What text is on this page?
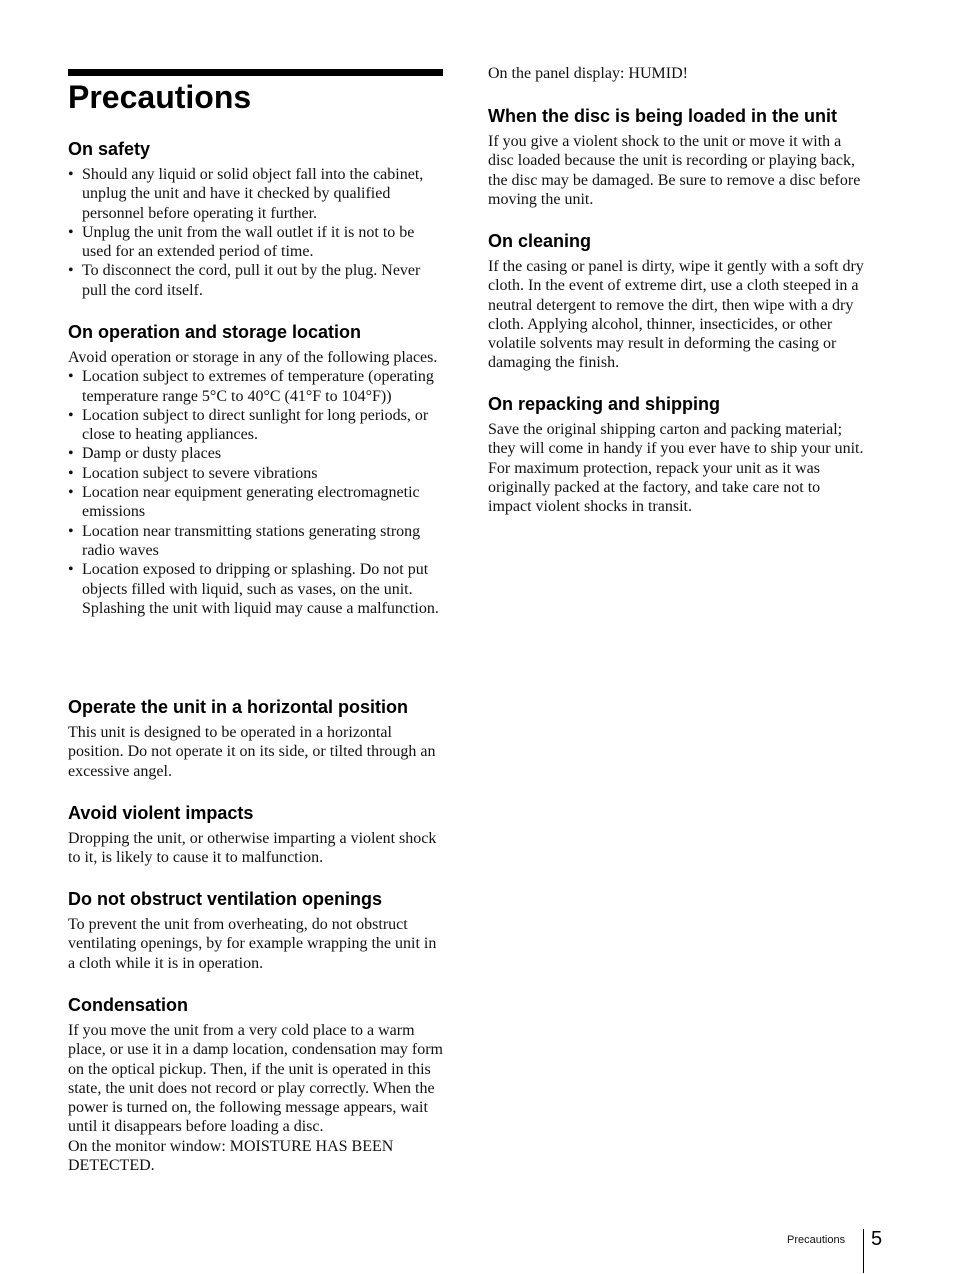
Precautions
On safety
• Should any liquid or solid object fall into the cabinet, unplug the unit and have it checked by qualified personnel before operating it further.
• Unplug the unit from the wall outlet if it is not to be used for an extended period of time.
• To disconnect the cord, pull it out by the plug. Never pull the cord itself.
On operation and storage location

Avoid operation or storage in any of the following places.

• Location subject to extremes of temperature (operating temperature range 5°C to 40°C (41°F to 104°F))
• Location subject to direct sunlight for long periods, or close to heating appliances.
• Damp or dusty places
• Location subject to severe vibrations
• Location near equipment generating electromagnetic emissions
• Location near transmitting stations generating strong radio waves
• Location exposed to dripping or splashing. Do not put objects filled with liquid, such as vases, on the unit. Splashing the unit with liquid may cause a malfunction.
Operate the unit in a horizontal position

This unit is designed to be operated in a horizontal position. Do not operate it on its side, or tilted through an excessive angel.

Avoid violent impacts

Dropping the unit, or otherwise imparting a violent shock to it, is likely to cause it to malfunction.

Do not obstruct ventilation openings

To prevent the unit from overheating, do not obstruct ventilating openings, by for example wrapping the unit in a cloth while it is in operation.

Condensation

If you move the unit from a very cold place to a warm place, or use it in a damp location, condensation may form on the optical pickup. Then, if the unit is operated in this state, the unit does not record or play correctly. When the power is turned on, the following message appears, wait until it disappears before loading a disc.

On the monitor window: MOISTURE HAS BEEN DETECTED.

On the panel display: HUMID!

When the disc is being loaded in the unit

If you give a violent shock to the unit or move it with a disc loaded because the unit is recording or playing back, the disc may be damaged. Be sure to remove a disc before moving the unit.

On cleaning

If the casing or panel is dirty, wipe it gently with a soft dry cloth. In the event of extreme dirt, use a cloth steeped in a neutral detergent to remove the dirt, then wipe with a dry cloth. Applying alcohol, thinner, insecticides, or other volatile solvents may result in deforming the casing or damaging the finish.

On repacking and shipping

Save the original shipping carton and packing material; they will come in handy if you ever have to ship your unit. For maximum protection, repack your unit as it was originally packed at the factory, and take care not to impact violent shocks in transit.

Precautions 5
